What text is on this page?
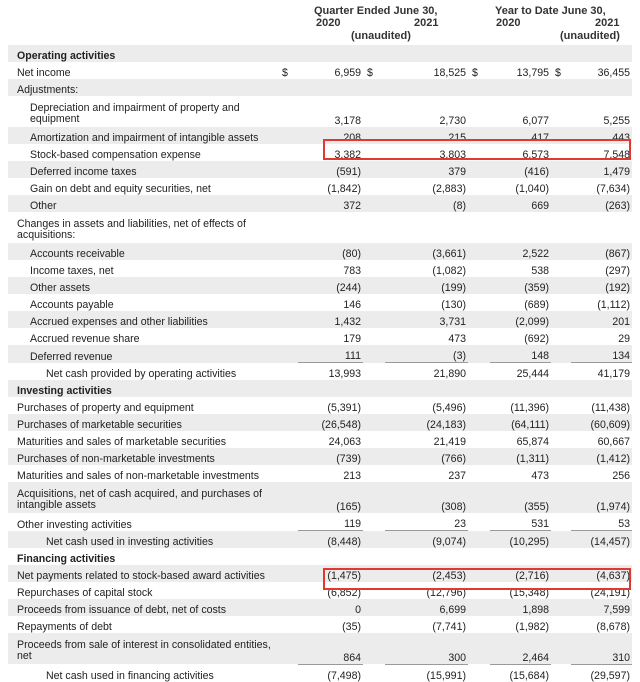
Quarter Ended June 30,
2020	2021
(unaudited)
Year to Date June 30,
2020	2021
(unaudited)
Operating activities								
Net income	$	6,959	$	18,525	$	13,795	$	36,455
Adjustments:								
Depreciation and impairment of property and equipment		3,178		2,730		6,077		5,255
Amortization and impairment of intangible assets		208		215		417		443
Stock-based compensation expense		3,382		3,803		6,573		7,548
Deferred income taxes		(591)		379		(416)		1,479
Gain on debt and equity securities, net		(1,842)		(2,883)		(1,040)		(7,634)
Other		372		(8)		669		(263)
Changes in assets and liabilities, net of effects of acquisitions:								
Accounts receivable		(80)		(3,661)		2,522		(867)
Income taxes, net		783		(1,082)		538		(297)
Other assets		(244)		(199)		(359)		(192)
Accounts payable		146		(130)		(689)		(1,112)
Accrued expenses and other liabilities		1,432		3,731		(2,099)		201
Accrued revenue share		179		473		(692)		29
Deferred revenue		111		(3)		148		134
Net cash provided by operating activities		13,993		21,890		25,444		41,179
Investing activities								
Purchases of property and equipment		(5,391)		(5,496)		(11,396)		(11,438)
Purchases of marketable securities		(26,548)		(24,183)		(64,111)		(60,609)
Maturities and sales of marketable securities		24,063		21,419		65,874		60,667
Purchases of non-marketable investments		(739)		(766)		(1,311)		(1,412)
Maturities and sales of non-marketable investments		213		237		473		256
Acquisitions, net of cash acquired, and purchases of intangible assets		(165)		(308)		(355)		(1,974)
Other investing activities		119		23		531		53
Net cash used in investing activities		(8,448)		(9,074)		(10,295)		(14,457)
Financing activities								
Net payments related to stock-based award activities		(1,475)		(2,453)		(2,716)		(4,637)
Repurchases of capital stock		(6,852)		(12,796)		(15,348)		(24,191)
Proceeds from issuance of debt, net of costs		0		6,699		1,898		7,599
Repayments of debt		(35)		(7,741)		(1,982)		(8,678)
Proceeds from sale of interest in consolidated entities, net		864		300		2,464		310
Net cash used in financing activities		(7,498)		(15,991)		(15,684)		(29,597)
